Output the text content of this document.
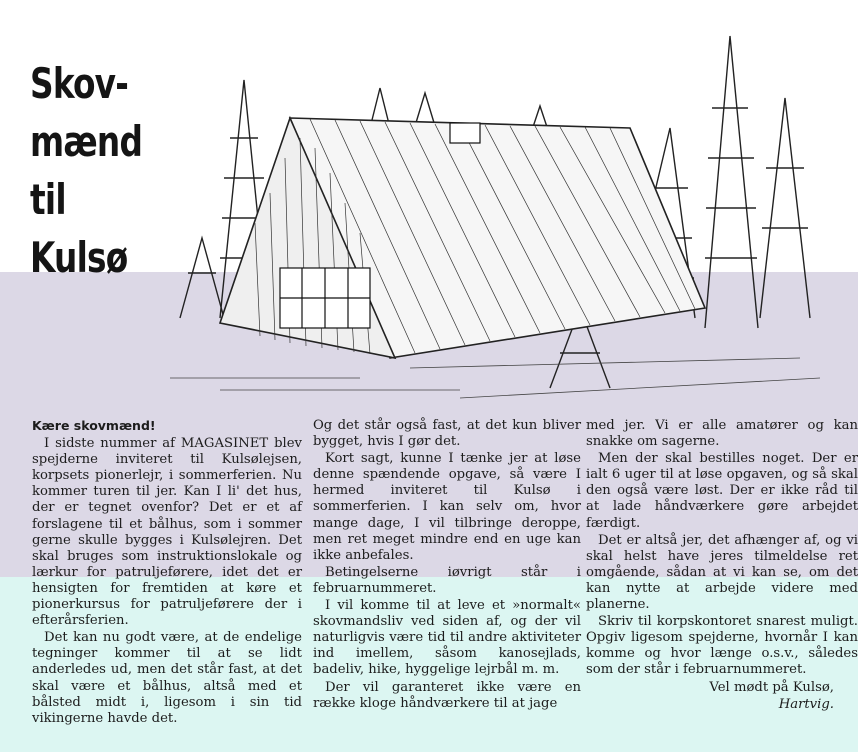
Skov-
mænd
til
Kulsø

Kære skovmænd!

I sidste nummer af MAGASINET blev spejderne inviteret til Kulsølejsen, korpsets pionerlejr, i sommerferien. Nu kommer turen til jer. Kan I li' det hus, der er tegnet ovenfor? Det er et af forslagene til et bålhus, som i sommer gerne skulle bygges i Kulsølejren. Det skal bruges som instruktionslokale og lærkur for patruljeførere, idet det er hensigten for fremtiden at køre et pionerkursus for patruljeførere der i efterårsferien.

Det kan nu godt være, at de endelige tegninger kommer til at se lidt anderledes ud, men det står fast, at det skal være et bålhus, altså med et bålsted midt i, ligesom i sin tid vikingerne havde det.

Og det står også fast, at det kun bliver bygget, hvis I gør det.

Kort sagt, kunne I tænke jer at løse denne spændende opgave, så være I hermed inviteret til Kulsø i sommerferien. I kan selv om, hvor mange dage, I vil tilbringe deroppe, men ret meget mindre end en uge kan ikke anbefales.

Betingelserne iøvrigt står i februarnummeret.

I vil komme til at leve et »normalt« skovmandsliv ved siden af, og der vil naturligvis være tid til andre aktiviteter ind imellem, såsom kanosejlads, badeliv, hike, hyggelige lejrbål m. m.

Der vil garanteret ikke være en række kloge håndværkere til at jage

med jer. Vi er alle amatører og kan snakke om sagerne.

Men der skal bestilles noget. Der er ialt 6 uger til at løse opgaven, og så skal den også være løst. Der er ikke råd til at lade håndværkere gøre arbejdet færdigt.

Det er altså jer, det afhænger af, og vi skal helst have jeres tilmeldelse ret omgående, sådan at vi kan se, om det kan nytte at arbejde videre med planerne.

Skriv til korpskontoret snarest muligt. Opgiv ligesom spejderne, hvornår I kan komme og hvor længe o.s.v., således som der står i februarnummeret.

Vel mødt på Kulsø,

Hartvig.
